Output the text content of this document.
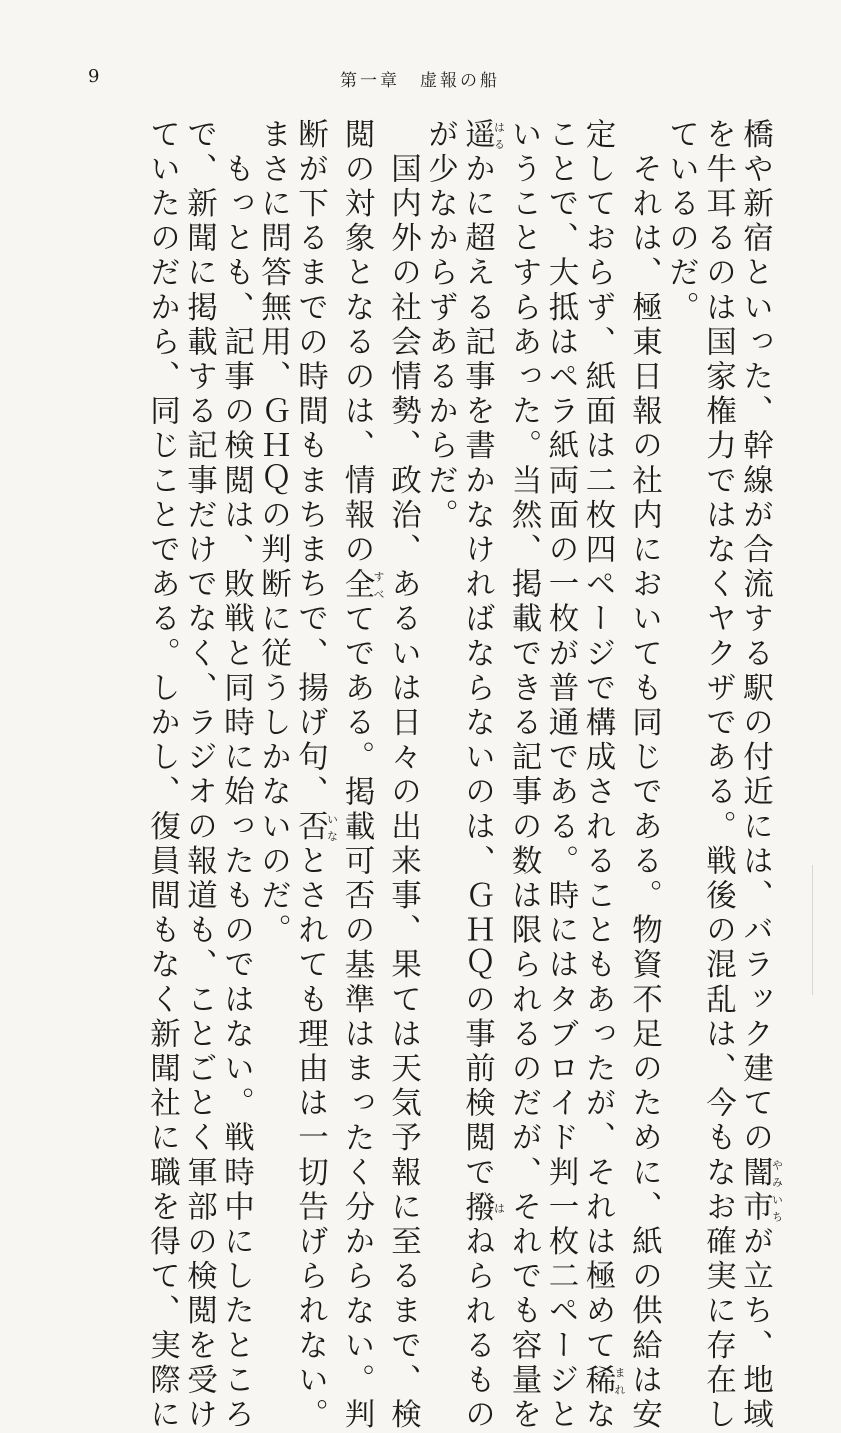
9	第一章　虚報の船
橋や新宿といった、幹線が合流する駅の付近には、バラック建ての闇市やみいちが立ち、地域
を牛耳るのは国家権力ではなくヤクザである。戦後の混乱は、今もなお確実に存在し
ているのだ。
　それは、極東日報の社内においても同じである。物資不足のために、紙の供給は安
定しておらず、紙面は二枚四ページで構成されることもあったが、それは極めて稀まれな
ことで、大抵はペラ紙両面の一枚が普通である。時にはタブロイド判一枚二ページと
いうことすらあった。当然、掲載できる記事の数は限られるのだが、それでも容量を
遥はるかに超える記事を書かなければならないのは、ＧＨＱの事前検閲で撥はねられるもの
が少なからずあるからだ。
　国内外の社会情勢、政治、あるいは日々の出来事、果ては天気予報に至るまで、検
閲の対象となるのは、情報の全すべてである。掲載可否の基準はまったく分からない。判
断が下るまでの時間もまちまちで、揚げ句、否いなとされても理由は一切告げられない。
まさに問答無用、ＧＨＱの判断に従うしかないのだ。
　もっとも、記事の検閲は、敗戦と同時に始ったものではない。戦時中にしたところ
で、新聞に掲載する記事だけでなく、ラジオの報道も、ことごとく軍部の検閲を受け
ていたのだから、同じことである。しかし、復員間もなく新聞社に職を得て、実際に
